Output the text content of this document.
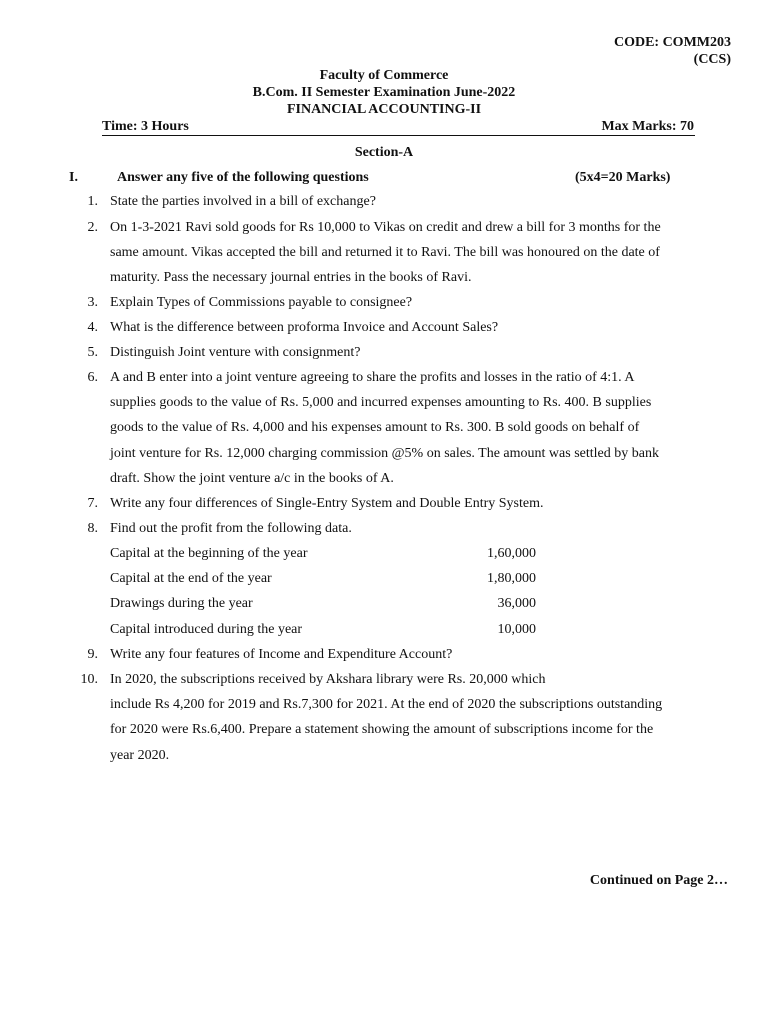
CODE: COMM203
(CCS)
Faculty of Commerce
B.Com. II Semester Examination June-2022
FINANCIAL ACCOUNTING-II
Time: 3 Hours	Max Marks: 70
Section-A
I.	Answer any five of the following questions	(5x4=20 Marks)
1. State the parties involved in a bill of exchange?
2. On 1-3-2021 Ravi sold goods for Rs 10,000 to Vikas on credit and drew a bill for 3 months for the
same amount. Vikas accepted the bill and returned it to Ravi. The bill was honoured on the date of
maturity. Pass the necessary journal entries in the books of Ravi.
3. Explain Types of Commissions payable to consignee?
4. What is the difference between proforma Invoice and Account Sales?
5. Distinguish Joint venture with consignment?
6. A and B enter into a joint venture agreeing to share the profits and losses in the ratio of 4:1. A
supplies goods to the value of Rs. 5,000 and incurred expenses amounting to Rs. 400. B supplies
goods to the value of Rs. 4,000 and his expenses amount to Rs. 300. B sold goods on behalf of
joint venture for Rs. 12,000 charging commission @5% on sales. The amount was settled by bank
draft. Show the joint venture a/c in the books of A.
7. Write any four differences of Single-Entry System and Double Entry System.
8. Find out the profit from the following data.
Capital at the beginning of the year	1,60,000
Capital at the end of the year	1,80,000
Drawings during the year	36,000
Capital introduced during the year	10,000
9. Write any four features of Income and Expenditure Account?
10. In 2020, the subscriptions received by Akshara library were Rs. 20,000 which
include Rs 4,200 for 2019 and Rs.7,300 for 2021. At the end of 2020 the subscriptions outstanding
for 2020 were Rs.6,400. Prepare a statement showing the amount of subscriptions income for the
year 2020.
Continued on Page 2…
